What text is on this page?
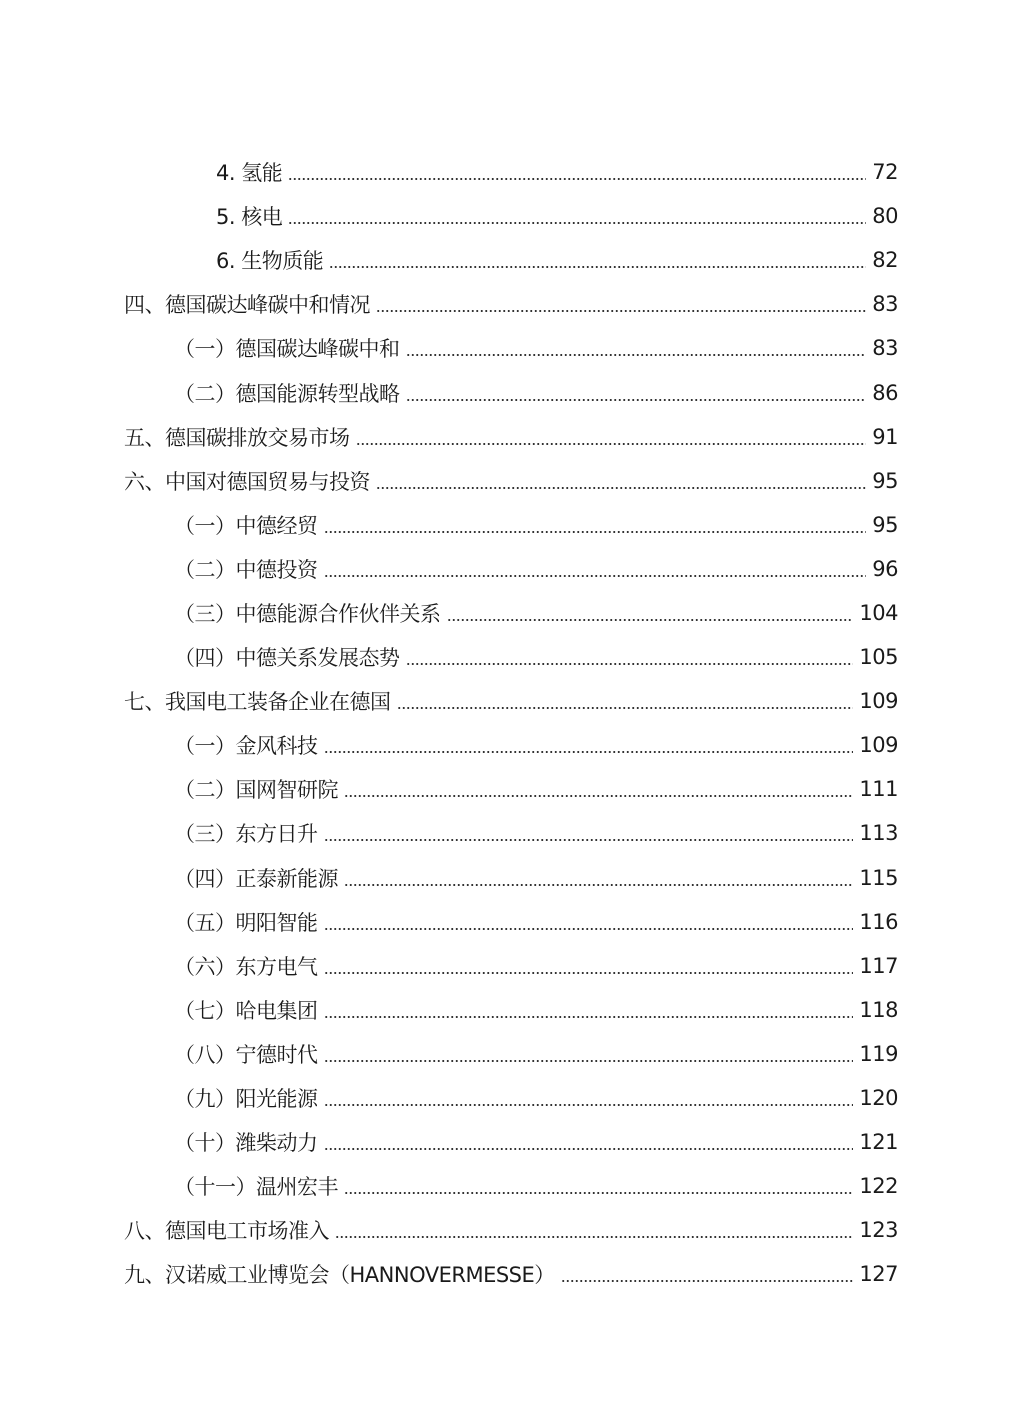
4. 氢能	72
5. 核电	80
6. 生物质能	82
四、德国碳达峰碳中和情况	83
（一）德国碳达峰碳中和	83
（二）德国能源转型战略	86
五、德国碳排放交易市场	91
六、中国对德国贸易与投资	95
（一）中德经贸	95
（二）中德投资	96
（三）中德能源合作伙伴关系	104
（四）中德关系发展态势	105
七、我国电工装备企业在德国	109
（一）金风科技	109
（二）国网智研院	111
（三）东方日升	113
（四）正泰新能源	115
（五）明阳智能	116
（六）东方电气	117
（七）哈电集团	118
（八）宁德时代	119
（九）阳光能源	120
（十）潍柴动力	121
（十一）温州宏丰	122
八、德国电工市场准入	123
九、汉诺威工业博览会（HANNOVERMESSE）	127
